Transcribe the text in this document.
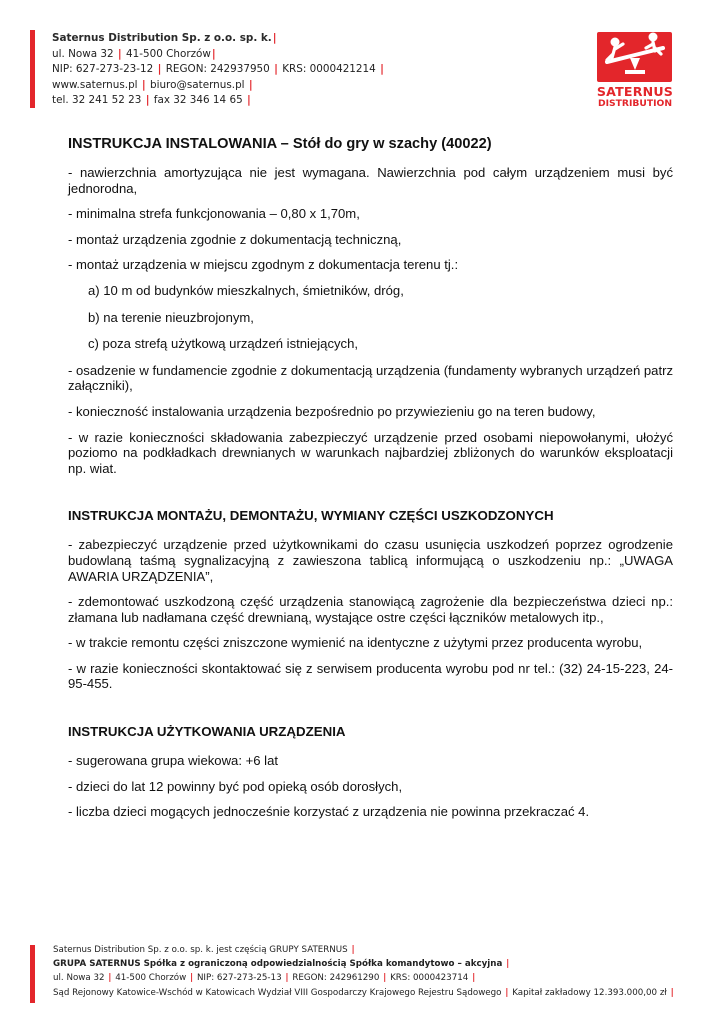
Saternus Distribution Sp. z o.o. sp. k.|
ul. Nowa 32 | 41-500 Chorzów|
NIP: 627-273-23-12 | REGON: 242937950 | KRS: 0000421214 |
www.saternus.pl | biuro@saternus.pl |
tel. 32 241 52 23 | fax 32 346 14 65 |
SATERNUS
DISTRIBUTION
INSTRUKCJA INSTALOWANIA – Stół do gry w szachy (40022)

- nawierzchnia amortyzująca nie jest wymagana. Nawierzchnia pod całym urządzeniem musi być jednorodna,

- minimalna strefa funkcjonowania – 0,80 x 1,70m,

- montaż urządzenia zgodnie z dokumentacją techniczną,

- montaż urządzenia w miejscu zgodnym z dokumentacja terenu tj.:

a) 10 m od budynków mieszkalnych, śmietników, dróg,

b) na terenie nieuzbrojonym,

c) poza strefą użytkową urządzeń istniejących,

- osadzenie w fundamencie zgodnie z dokumentacją urządzenia (fundamenty wybranych urządzeń patrz załączniki),

- konieczność instalowania urządzenia bezpośrednio po przywiezieniu go na teren budowy,

- w razie konieczności składowania zabezpieczyć urządzenie przed osobami niepowołanymi, ułożyć poziomo na podkładkach drewnianych w warunkach najbardziej zbliżonych do warunków eksploatacji np. wiat.

INSTRUKCJA MONTAŻU, DEMONTAŻU, WYMIANY CZĘŚCI USZKODZONYCH

- zabezpieczyć urządzenie przed użytkownikami do czasu usunięcia uszkodzeń poprzez ogrodzenie budowlaną taśmą sygnalizacyjną z zawieszona tablicą informującą o uszkodzeniu np.: „UWAGA AWARIA URZĄDZENIA”,

- zdemontować uszkodzoną część urządzenia stanowiącą zagrożenie dla bezpieczeństwa dzieci np.: złamana lub nadłamana część drewnianą, wystające ostre części łączników metalowych itp.,

- w trakcie remontu części zniszczone wymienić na identyczne z użytymi przez producenta wyrobu,

- w razie konieczności skontaktować się z serwisem producenta wyrobu pod nr tel.: (32) 24-15-223, 24-95-455.

INSTRUKCJA UŻYTKOWANIA URZĄDZENIA

- sugerowana grupa wiekowa: +6 lat

- dzieci do lat 12 powinny być pod opieką osób dorosłych,

- liczba dzieci mogących jednocześnie korzystać z urządzenia nie powinna przekraczać 4.

Saternus Distribution Sp. z o.o. sp. k. jest częścią GRUPY SATERNUS |
GRUPA SATERNUS Spółka z ograniczoną odpowiedzialnością Spółka komandytowo – akcyjna |
ul. Nowa 32 | 41-500 Chorzów | NIP: 627-273-25-13 | REGON: 242961290 | KRS: 0000423714 |
Sąd Rejonowy Katowice-Wschód w Katowicach Wydział VIII Gospodarczy Krajowego Rejestru Sądowego | Kapitał zakładowy 12.393.000,00 zł |
